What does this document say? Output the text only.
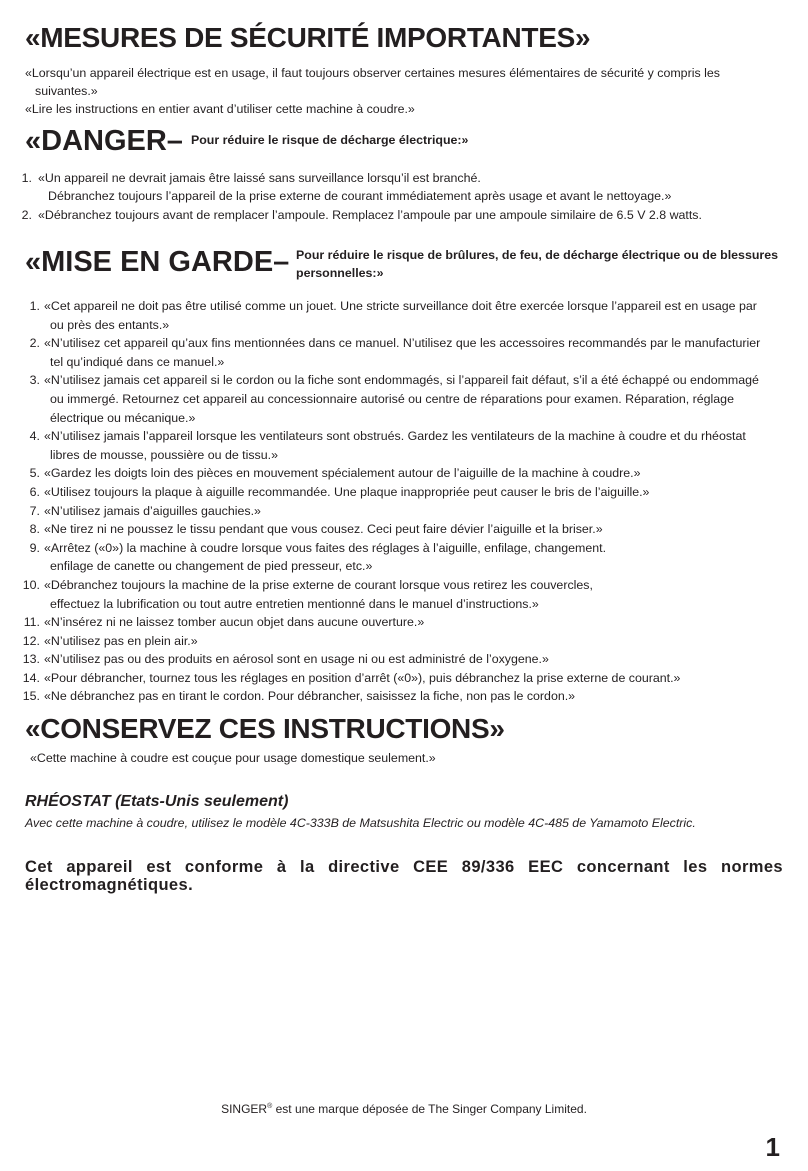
«MESURES DE SÉCURITÉ IMPORTANTES»
«Lorsqu’un appareil électrique est en usage, il faut toujours observer certaines mesures élémentaires de sécurité y compris les
suivantes.»
«Lire les instructions en entier avant d’utiliser cette machine à coudre.»
«DANGER– Pour réduire le risque de décharge électrique:»
1. «Un appareil ne devrait jamais être laissé sans surveillance lorsqu’il est branché.
Débranchez toujours l’appareil de la prise externe de courant immédiatement après usage et avant le nettoyage.»
2. «Débranchez toujours avant de remplacer l’ampoule. Remplacez l’ampoule par une ampoule similaire de 6.5 V 2.8 watts.
«MISE EN GARDE– Pour réduire le risque de brûlures, de feu, de décharge électrique ou de blessures
personnelles:»
1. «Cet appareil ne doit pas être utilisé comme un jouet. Une stricte surveillance doit être exercée lorsque l’appareil est en usage par
ou près des entants.»
2. «N’utilisez cet appareil qu’aux fins mentionnées dans ce manuel. N’utilisez que les accessoires recommandés par le manufacturier
tel qu’indiqué dans ce manuel.»
3. «N’utilisez jamais cet appareil si le cordon ou la fiche sont endommagés, si l’appareil fait défaut, s’il a été échappé ou endommagé
ou immergé. Retournez cet appareil au concessionnaire autorisé ou centre de réparations pour examen. Réparation, réglage électrique ou mécanique.»
4. «N’utilisez jamais l’appareil lorsque les ventilateurs sont obstrués. Gardez les ventilateurs de la machine à coudre et du rhéostat
libres de mousse, poussière ou de tissu.»
5. «Gardez les doigts loin des pièces en mouvement spécialement autour de l’aiguille de la machine à coudre.»
6. «Utilisez toujours la plaque à aiguille recommandée. Une plaque inappropriée peut causer le bris de l’aiguille.»
7. «N’utilisez jamais d’aiguilles gauchies.»
8. «Ne tirez ni ne poussez le tissu pendant que vous cousez. Ceci peut faire dévier l’aiguille et la briser.»
9. «Arrêtez («0») la machine à coudre lorsque vous faites des réglages à l’aiguille, enfilage, changement.
enfilage de canette ou changement de pied presseur, etc.»
10. «Débranchez toujours la machine de la prise externe de courant lorsque vous retirez les couvercles,
effectuez la lubrification ou tout autre entretien mentionné dans le manuel d’instructions.»
11. «N’insérez ni ne laissez tomber aucun objet dans aucune ouverture.»
12. «N’utilisez pas en plein air.»
13. «N’utilisez pas ou des produits en aérosol sont en usage ni ou est administré de l’oxygene.»
14. «Pour débrancher, tournez tous les réglages en position d’arrêt («0»), puis débranchez la prise externe de courant.»
15. «Ne débranchez pas en tirant le cordon. Pour débrancher, saisissez la fiche, non pas le cordon.»
«CONSERVEZ CES INSTRUCTIONS»
«Cette machine à coudre est couçue pour usage domestique seulement.»
RHÉOSTAT (Etats-Unis seulement)
Avec cette machine à coudre, utilisez le modèle 4C-333B de Matsushita Electric ou modèle 4C-485 de Yamamoto Electric.
Cet appareil est conforme à la directive CEE 89/336 EEC concernant les normes électromagnétiques.
SINGER® est une marque déposée de The Singer Company Limited.
1
